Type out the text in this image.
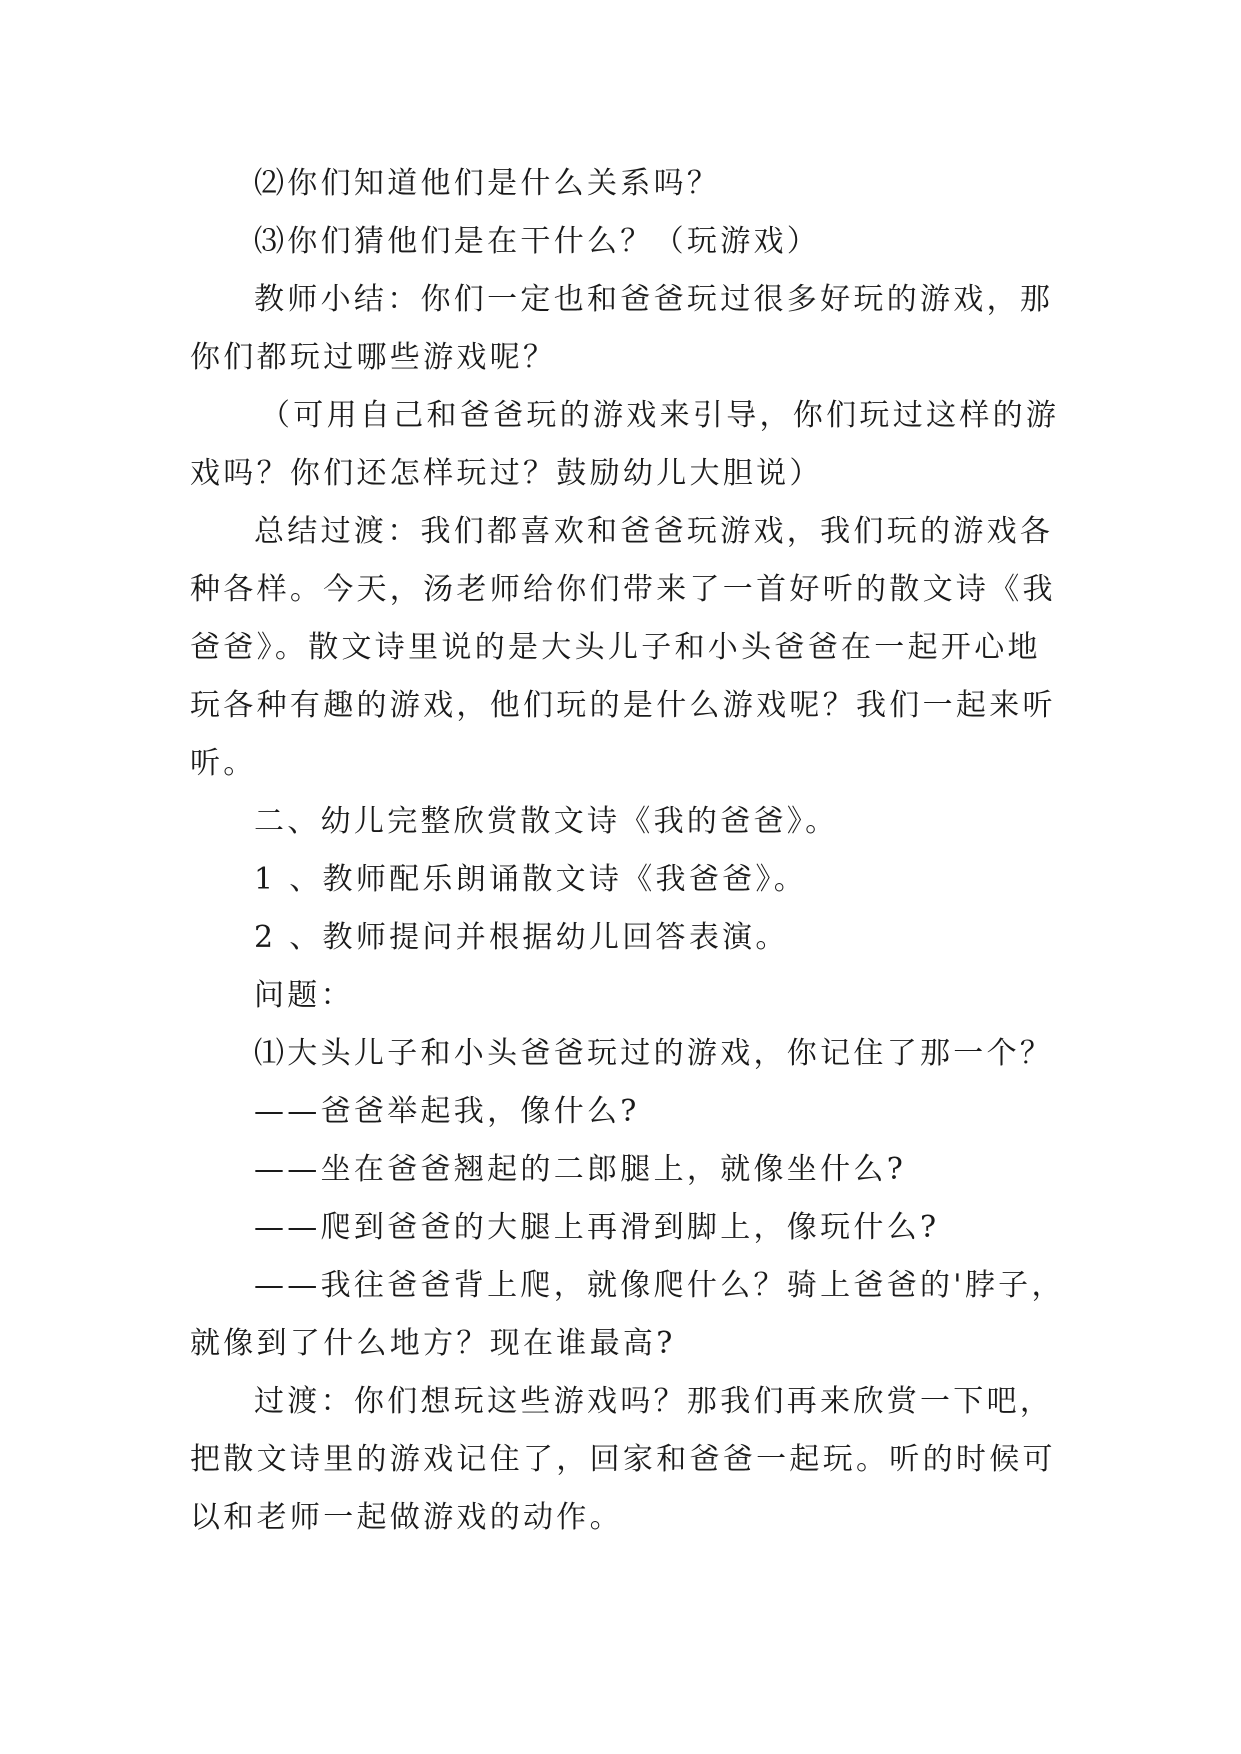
⑵你们知道他们是什么关系吗？
⑶你们猜他们是在干什么？（玩游戏）
教师小结：你们一定也和爸爸玩过很多好玩的游戏，那
你们都玩过哪些游戏呢？
（可用自己和爸爸玩的游戏来引导，你们玩过这样的游
戏吗？你们还怎样玩过？鼓励幼儿大胆说）
总结过渡：我们都喜欢和爸爸玩游戏，我们玩的游戏各
种各样。今天，汤老师给你们带来了一首好听的散文诗《我
爸爸》。散文诗里说的是大头儿子和小头爸爸在一起开心地
玩各种有趣的游戏，他们玩的是什么游戏呢？我们一起来听
听。
二、幼儿完整欣赏散文诗《我的爸爸》。
1 、教师配乐朗诵散文诗《我爸爸》。
2 、教师提问并根据幼儿回答表演。
问题：
⑴大头儿子和小头爸爸玩过的游戏，你记住了那一个？
——爸爸举起我，像什么?
——坐在爸爸翘起的二郎腿上，就像坐什么?
——爬到爸爸的大腿上再滑到脚上，像玩什么?
——我往爸爸背上爬，就像爬什么？骑上爸爸的'脖子，
就像到了什么地方？现在谁最高?
过渡：你们想玩这些游戏吗？那我们再来欣赏一下吧，
把散文诗里的游戏记住了，回家和爸爸一起玩。听的时候可
以和老师一起做游戏的动作。
